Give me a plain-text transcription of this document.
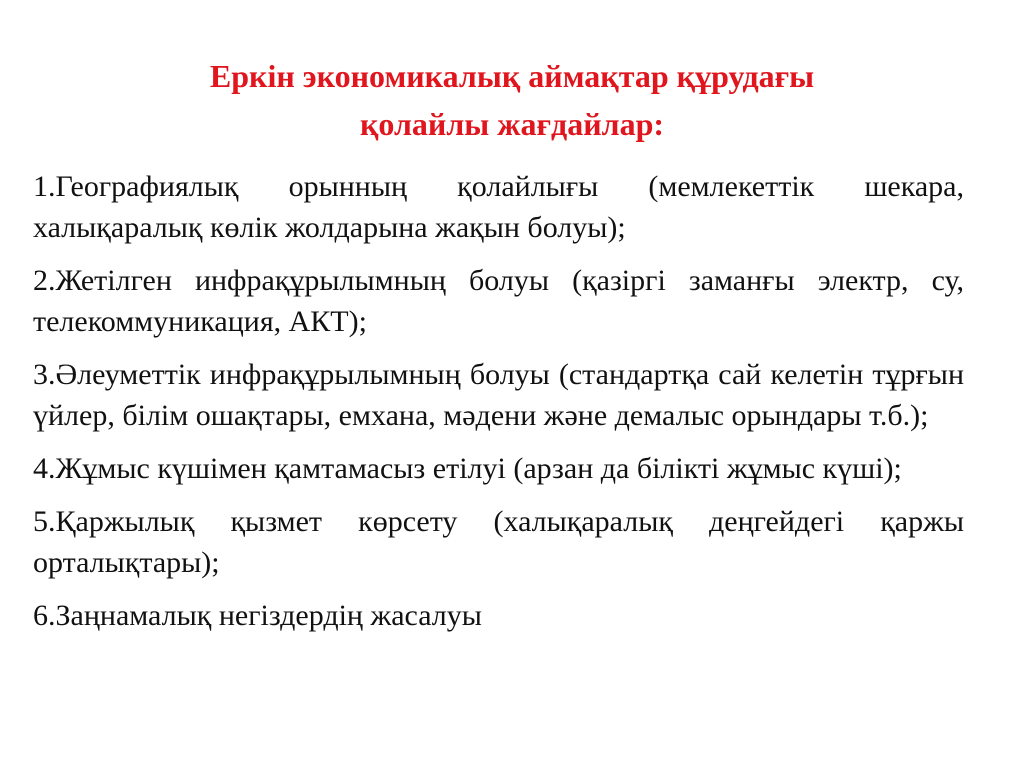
Еркін экономикалық аймақтар құрудағы
қолайлы жағдайлар:

1.Географиялық орынның қолайлығы (мемлекеттік шекара, халықаралық көлік жолдарына жақын болуы);

2.Жетілген инфрақұрылымның болуы (қазіргі заманғы электр, су, телекоммуникация, АКТ);

3.Әлеуметтік инфрақұрылымның болуы (стандартқа сай келетін тұрғын үйлер, білім ошақтары, емхана, мәдени және демалыс орындары т.б.);

4.Жұмыс күшімен қамтамасыз етілуі (арзан да білікті жұмыс күші);

5.Қаржылық қызмет көрсету (халықаралық деңгейдегі қаржы орталықтары);

6.Заңнамалық негіздердің жасалуы
